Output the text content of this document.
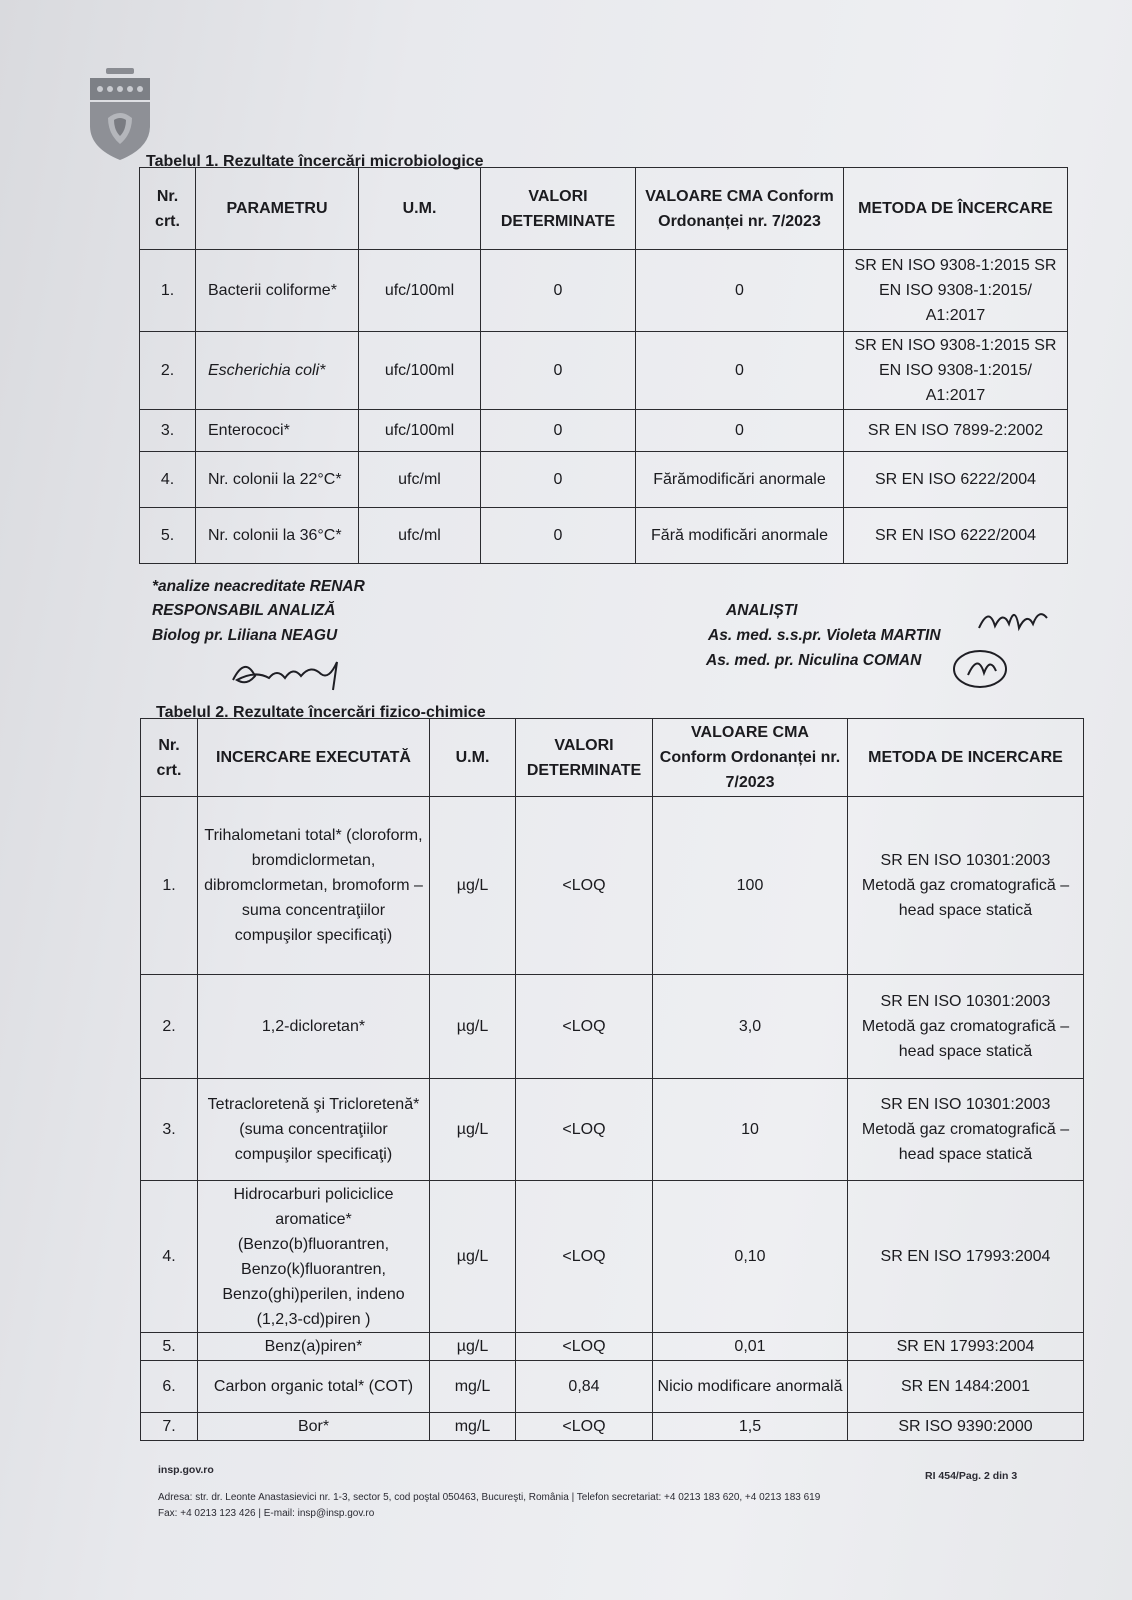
Tabelul 1. Rezultate încercări microbiologice

Nr. crt.	PARAMETRU	U.M.	VALORI DETERMINATE	VALOARE CMA Conform Ordonanței nr. 7/2023	METODA DE ÎNCERCARE
1.	Bacterii coliforme*	ufc/100ml	0	0	SR EN ISO 9308-1:2015 SR EN ISO 9308-1:2015/ A1:2017
2.	Escherichia coli*	ufc/100ml	0	0	SR EN ISO 9308-1:2015 SR EN ISO 9308-1:2015/ A1:2017
3.	Enterococi*	ufc/100ml	0	0	SR EN ISO 7899-2:2002
4.	Nr. colonii la 22°C*	ufc/ml	0	Fărămodificări anormale	SR EN ISO 6222/2004
5.	Nr. colonii la 36°C*	ufc/ml	0	Fără modificări anormale	SR EN ISO 6222/2004

*analize neacreditate RENAR

RESPONSABIL ANALIZĂ

Biolog pr. Liliana NEAGU

ANALIȘTI

As. med. s.s.pr. Violeta MARTIN

As. med. pr. Niculina COMAN

Tabelul 2. Rezultate încercări fizico-chimice

Nr. crt.	INCERCARE EXECUTATĂ	U.M.	VALORI DETERMINATE	VALOARE CMA Conform Ordonanței nr. 7/2023	METODA DE INCERCARE
1.	Trihalometani total* (cloroform, bromdiclormetan, dibromclormetan, bromoform – suma concentraţiilor compuşilor specificaţi)	µg/L	<LOQ	100	SR EN ISO 10301:2003 Metodă gaz cromatografică – head space statică
2.	1,2-dicloretan*	µg/L	<LOQ	3,0	SR EN ISO 10301:2003 Metodă gaz cromatografică – head space statică
3.	Tetracloretenă şi Tricloretenă* (suma concentraţiilor compuşilor specificaţi)	µg/L	<LOQ	10	SR EN ISO 10301:2003 Metodă gaz cromatografică – head space statică
4.	Hidrocarburi policiclice aromatice* (Benzo(b)fluorantren, Benzo(k)fluorantren, Benzo(ghi)perilen, indeno (1,2,3-cd)piren )	µg/L	<LOQ	0,10	SR EN ISO 17993:2004
5.	Benz(a)piren*	µg/L	<LOQ	0,01	SR EN 17993:2004
6.	Carbon organic total* (COT)	mg/L	0,84	Nicio modificare anormală	SR EN 1484:2001
7.	Bor*	mg/L	<LOQ	1,5	SR ISO 9390:2000

insp.gov.ro	RI 454/Pag. 2 din 3

Adresa: str. dr. Leonte Anastasievici nr. 1-3, sector 5, cod poştal 050463, Bucureşti, România | Telefon secretariat: +4 0213 183 620, +4 0213 183 619

Fax: +4 0213 123 426 | E-mail: insp@insp.gov.ro
